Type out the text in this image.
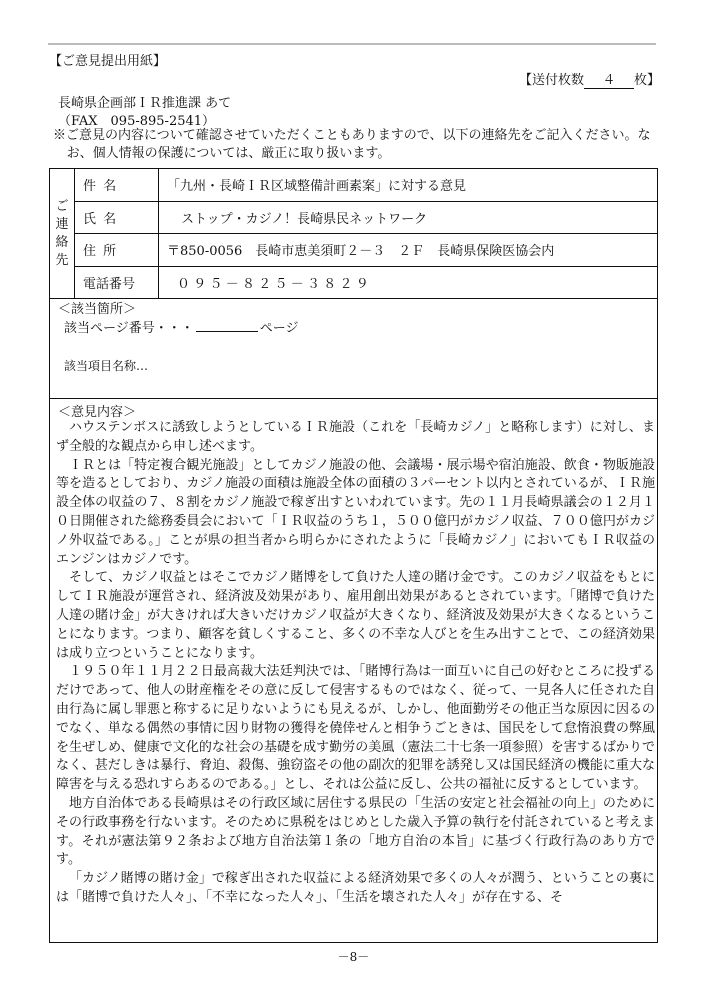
【ご意見提出用紙】
【送付枚数 ４ 枚】
長崎県企画部ＩＲ推進課 あて
（FAX　095-895-2541）
※ご意見の内容について確認させていただくこともありますので、以下の連絡先をご記入ください。なお、個人情報の保護については、厳正に取り扱います。
ご
連
絡
先
件名	「九州・長崎ＩＲ区域整備計画素案」に対する意見
氏名	ストップ・カジノ！長崎県民ネットワーク
住所	〒850-0056　長崎市恵美須町２－３　２Ｆ　長崎県保険医協会内
電話番号	０９５－８２５－３８２９
＜該当箇所＞
該当ページ番号・・・	ページ
該当項目名称…
＜意見内容＞

ハウステンボスに誘致しようとしているＩＲ施設（これを「長崎カジノ」と略称します）に対し、まず全般的な観点から申し述べます。

ＩＲとは「特定複合観光施設」としてカジノ施設の他、会議場・展示場や宿泊施設、飲食・物販施設等を造るとしており、カジノ施設の面積は施設全体の面積の３パーセント以内とされているが、ＩＲ施設全体の収益の７、８割をカジノ施設で稼ぎ出すといわれています。先の１１月長崎県議会の１２月１０日開催された総務委員会において「ＩＲ収益のうち１，５００億円がカジノ収益、７００億円がカジノ外収益である。」ことが県の担当者から明らかにされたように「長崎カジノ」においてもＩＲ収益のエンジンはカジノです。

そして、カジノ収益とはそこでカジノ賭博をして負けた人達の賭け金です。このカジノ収益をもとにしてＩＲ施設が運営され、経済波及効果があり、雇用創出効果があるとされています。「賭博で負けた人達の賭け金」が大きければ大きいだけカジノ収益が大きくなり、経済波及効果が大きくなるということになります。つまり、顧客を貧しくすること、多くの不幸な人びとを生み出すことで、この経済効果は成り立つということになります。

１９５０年１１月２２日最高裁大法廷判決では、「賭博行為は一面互いに自己の好むところに投ずるだけであって、他人の財産権をその意に反して侵害するものではなく、従って、一見各人に任された自由行為に属し罪悪と称するに足りないようにも見えるが、しかし、他面勤労その他正当な原因に因るのでなく、単なる偶然の事情に因り財物の獲得を僥倖せんと相争うごときは、国民をして怠惰浪費の弊風を生ぜしめ、健康で文化的な社会の基礎を成す勤労の美風（憲法二十七条一項参照）を害するばかりでなく、甚だしきは暴行、脅迫、殺傷、強窃盗その他の副次的犯罪を誘発し又は国民経済の機能に重大な障害を与える恐れすらあるのである。」とし、それは公益に反し、公共の福祉に反するとしています。

地方自治体である長崎県はその行政区域に居住する県民の「生活の安定と社会福祉の向上」のためにその行政事務を行ないます。そのために県税をはじめとした歳入予算の執行を付託されていると考えます。それが憲法第９２条および地方自治法第１条の「地方自治の本旨」に基づく行政行為のあり方です。

「カジノ賭博の賭け金」で稼ぎ出された収益による経済効果で多くの人々が潤う、ということの裏には「賭博で負けた人々」、「不幸になった人々」、「生活を壊された人々」が存在する、そ

－8－
